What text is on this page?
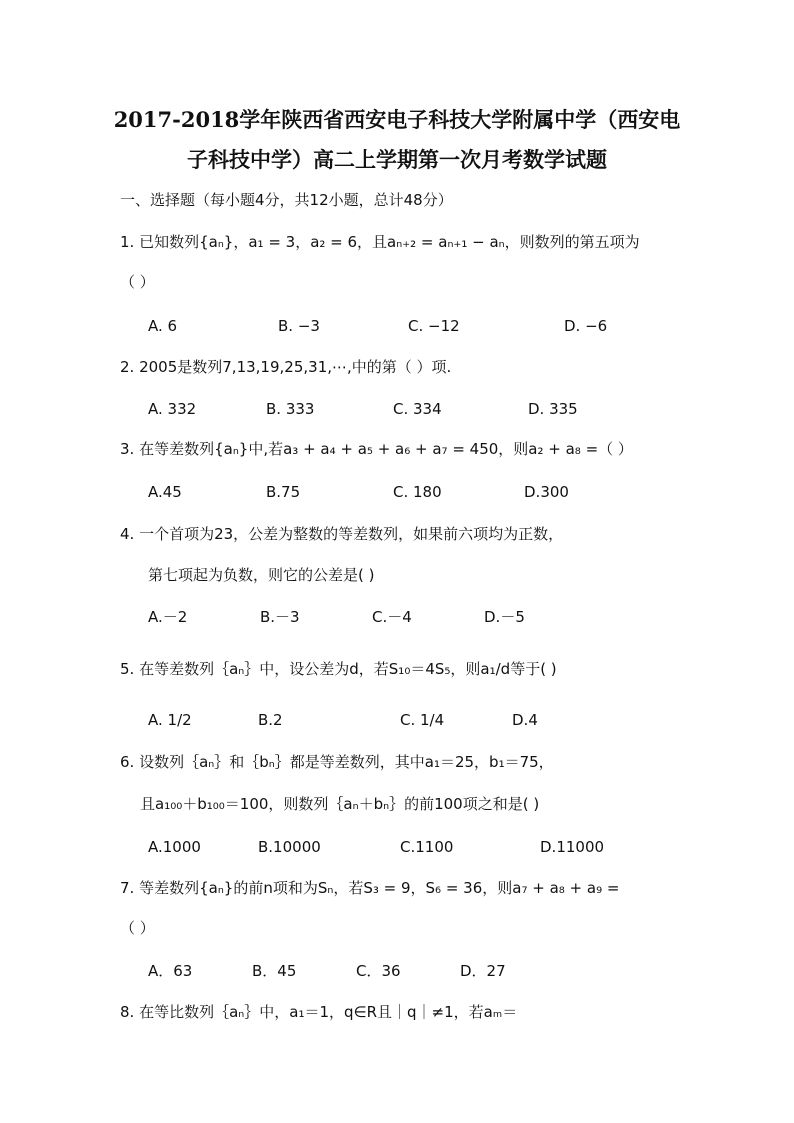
2017-2018学年陕西省西安电子科技大学附属中学（西安电
子科技中学）高二上学期第一次月考数学试题
一、选择题（每小题4分，共12小题，总计48分）
1. 已知数列{aₙ}，a₁ = 3，a₂ = 6，且aₙ₊₂ = aₙ₊₁ − aₙ，则数列的第五项为
（ ）
A. 6	B. −3	C. −12	D. −6
2. 2005是数列7,13,19,25,31,⋯,中的第（ ）项.
A. 332	B. 333	C. 334	D. 335
3. 在等差数列{aₙ}中,若a₃ + a₄ + a₅ + a₆ + a₇ = 450，则a₂ + a₈ =（ ）
A.45	B.75	C. 180	D.300
4. 一个首项为23，公差为整数的等差数列，如果前六项均为正数，
第七项起为负数，则它的公差是( )
A.－2	B.－3	C.－4	D.－5
5. 在等差数列｛aₙ｝中，设公差为d，若S₁₀＝4S₅，则a₁/d等于( )
A. 1/2	B.2	C. 1/4	D.4
6. 设数列｛aₙ｝和｛bₙ｝都是等差数列，其中a₁＝25，b₁＝75，
且a₁₀₀＋b₁₀₀＝100，则数列｛aₙ＋bₙ｝的前100项之和是( )
A.1000	B.10000	C.1100	D.11000
7. 等差数列{aₙ}的前n项和为Sₙ，若S₃ = 9，S₆ = 36，则a₇ + a₈ + a₉ =
（ ）
A．63	B．45	C．36	D．27
8. 在等比数列｛aₙ｝中，a₁＝1，q∈R且｜q｜≠1，若aₘ＝
